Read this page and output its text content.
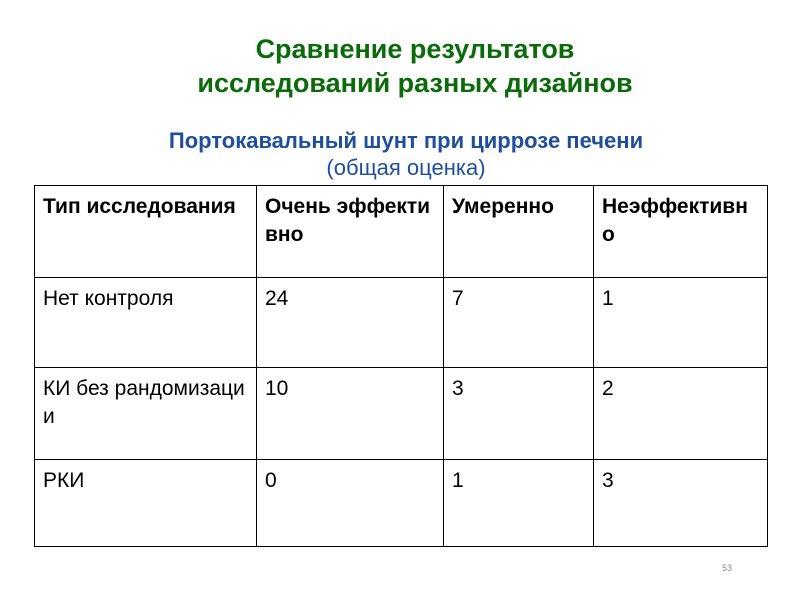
Сравнение результатов
исследований разных дизайнов
Портокавальный шунт при циррозе печени
(общая оценка)
Тип исследования	Очень эффективно	Умеренно	Неэффективно
Нет контроля	24	7	1
КИ без рандомизации	10	3	2
РКИ	0	1	3
53
